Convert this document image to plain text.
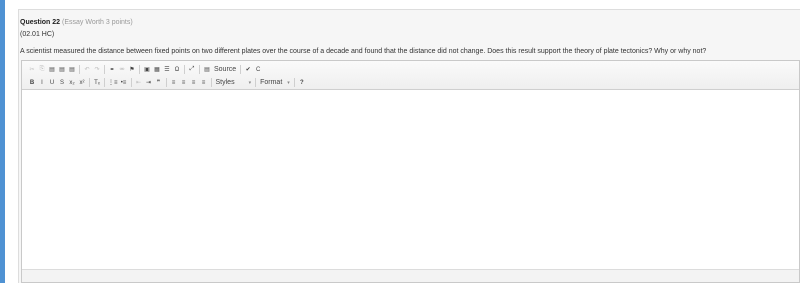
Question 22 (Essay Worth 3 points)
(02.01 HC)
A scientist measured the distance between fixed points on two different plates over the course of a decade and found that the distance did not change. Does this result support the theory of plate tectonics? Why or why not?
✂ ⎘ ▤ ▤ ▤	↶ ↷	⚭ ⚮ ⚑	▣ ▦ ☰ Ω	⤢	▤ Source	✔ C
B	I	U S x₂ x²	Tₓ	⋮≡ •≡	⇤ ⇥ ❞	≡	≡	≡	≡	Styles	▾ Format ▾	?
